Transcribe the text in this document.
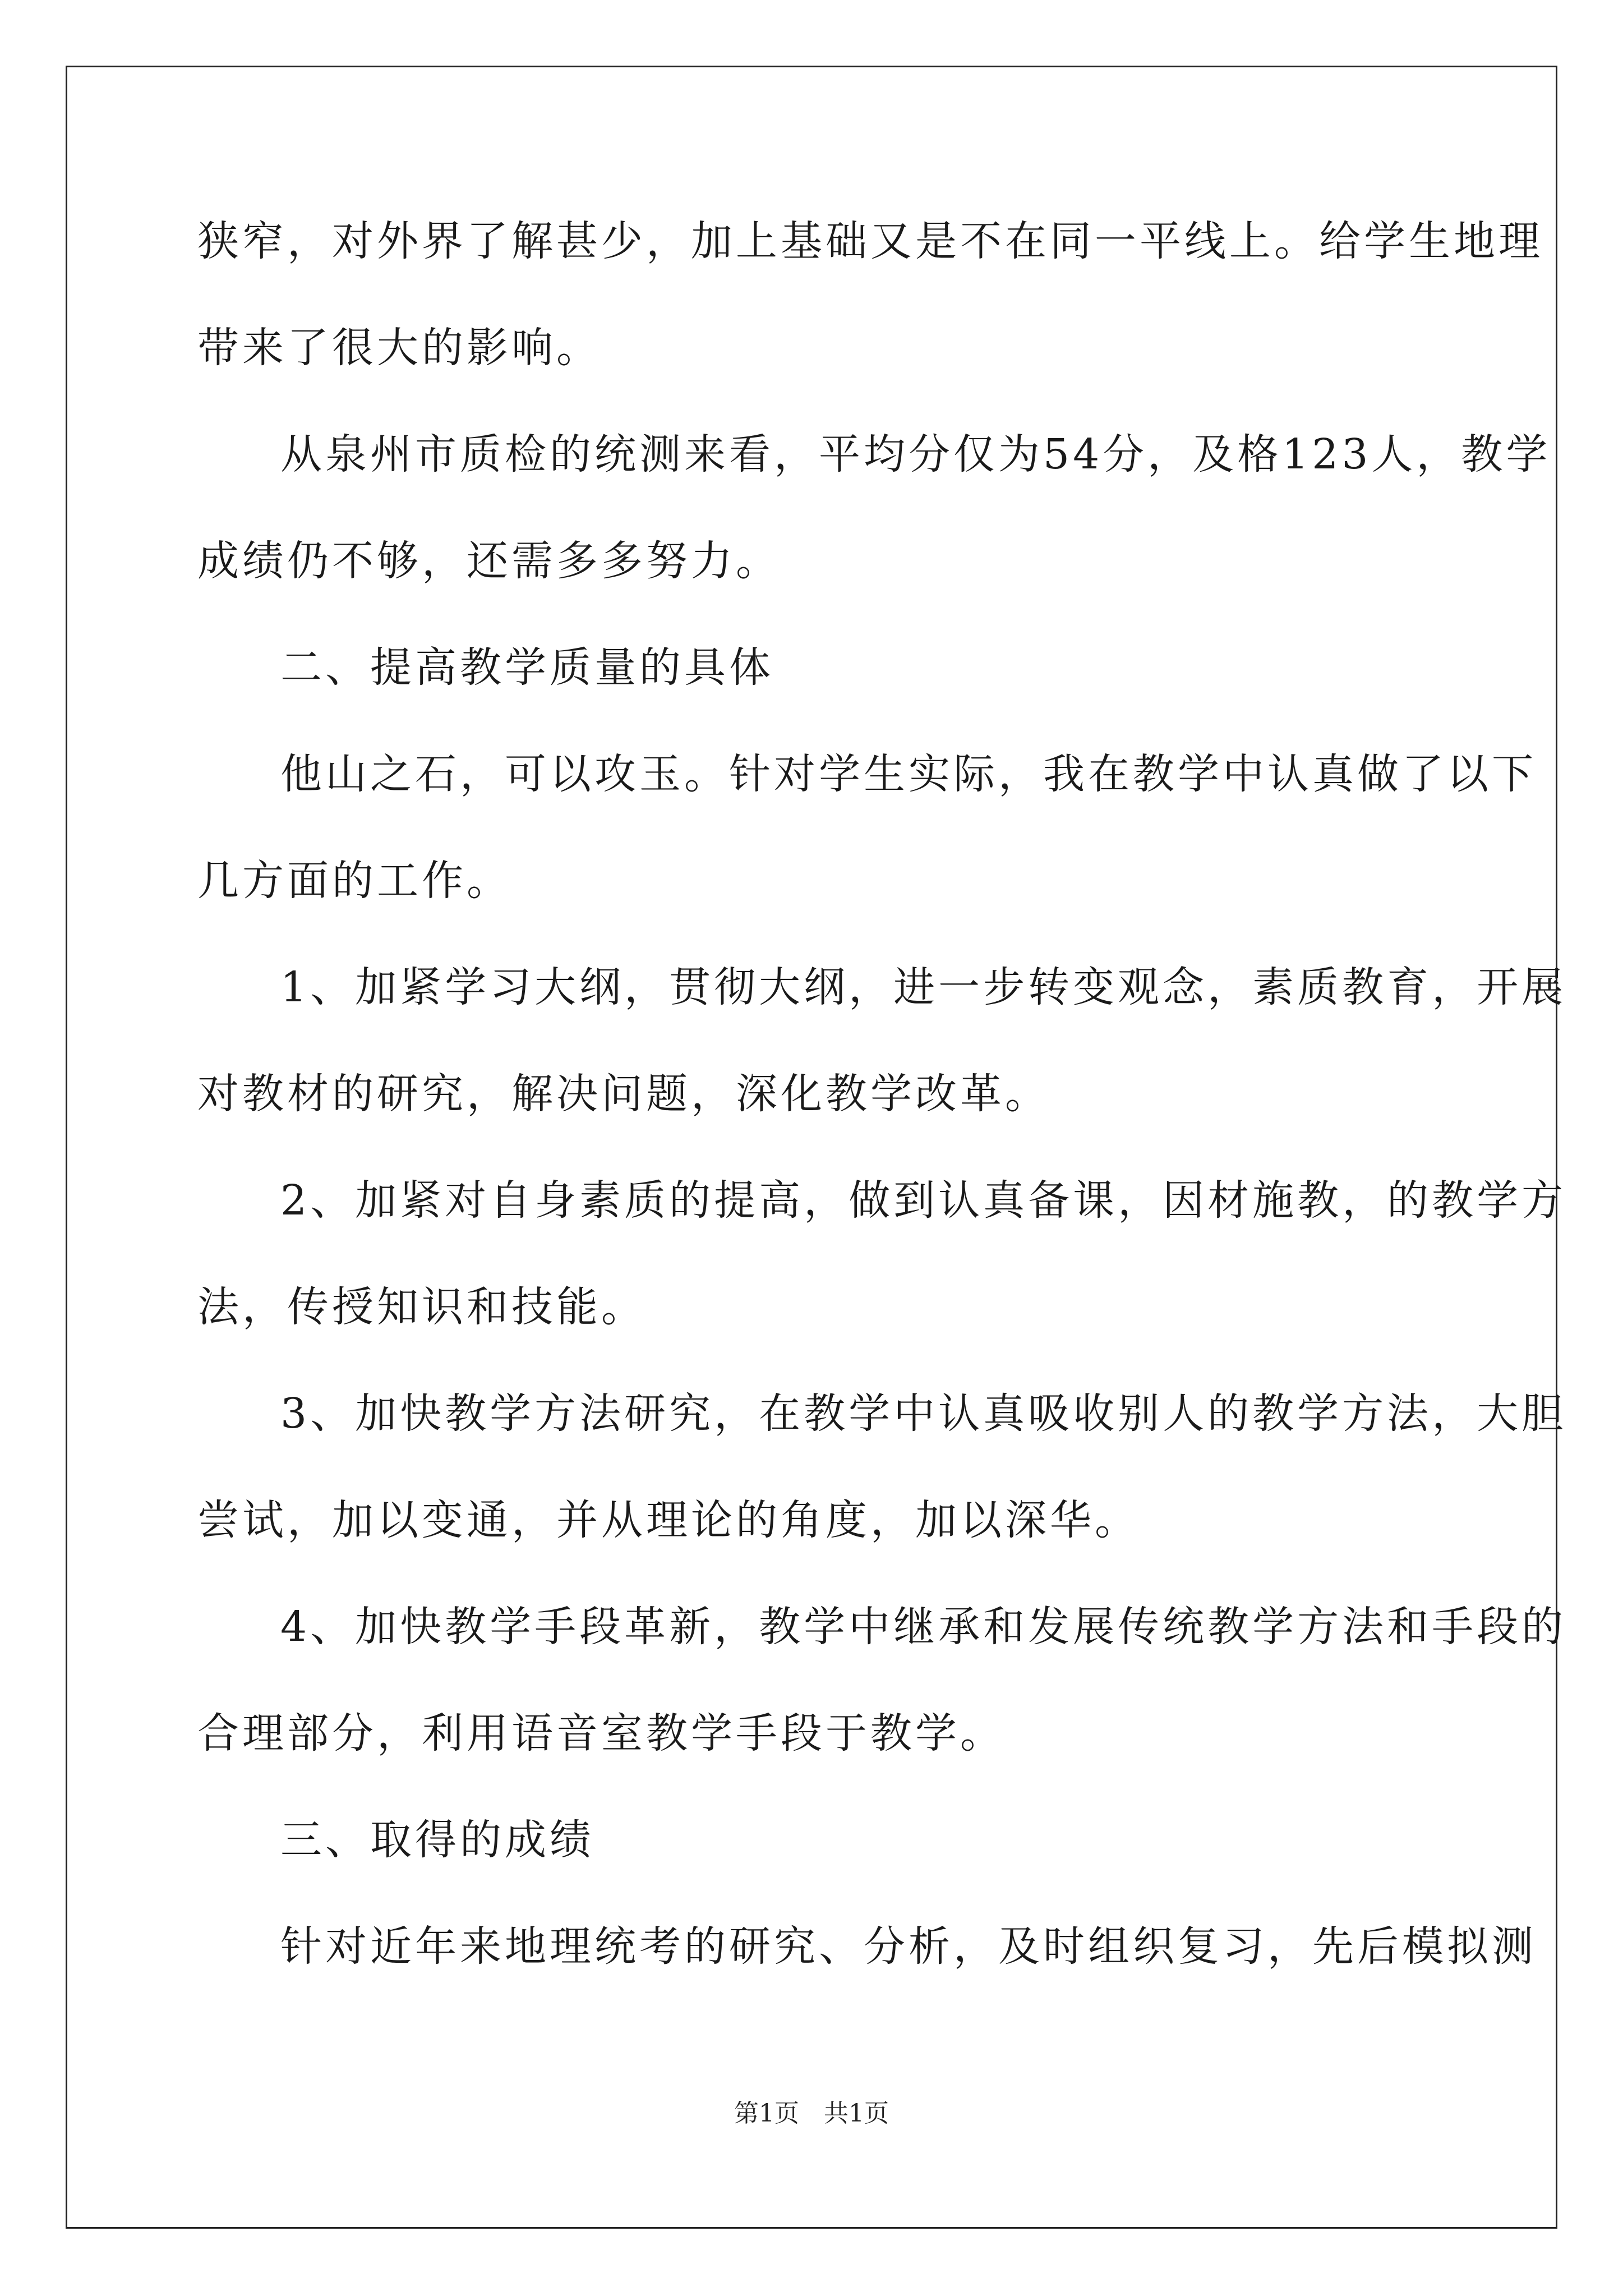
狭窄，对外界了解甚少，加上基础又是不在同一平线上。给学生地理
带来了很大的影响。
从泉州市质检的统测来看，平均分仅为54分，及格123人，教学
成绩仍不够，还需多多努力。
二、提高教学质量的具体
他山之石，可以攻玉。针对学生实际，我在教学中认真做了以下
几方面的工作。
1、加紧学习大纲，贯彻大纲，进一步转变观念，素质教育，开展
对教材的研究，解决问题，深化教学改革。
2、加紧对自身素质的提高，做到认真备课，因材施教，的教学方
法，传授知识和技能。
3、加快教学方法研究，在教学中认真吸收别人的教学方法，大胆
尝试，加以变通，并从理论的角度，加以深华。
4、加快教学手段革新，教学中继承和发展传统教学方法和手段的
合理部分，利用语音室教学手段于教学。
三、取得的成绩
针对近年来地理统考的研究、分析，及时组织复习，先后模拟测
第1页 共1页
